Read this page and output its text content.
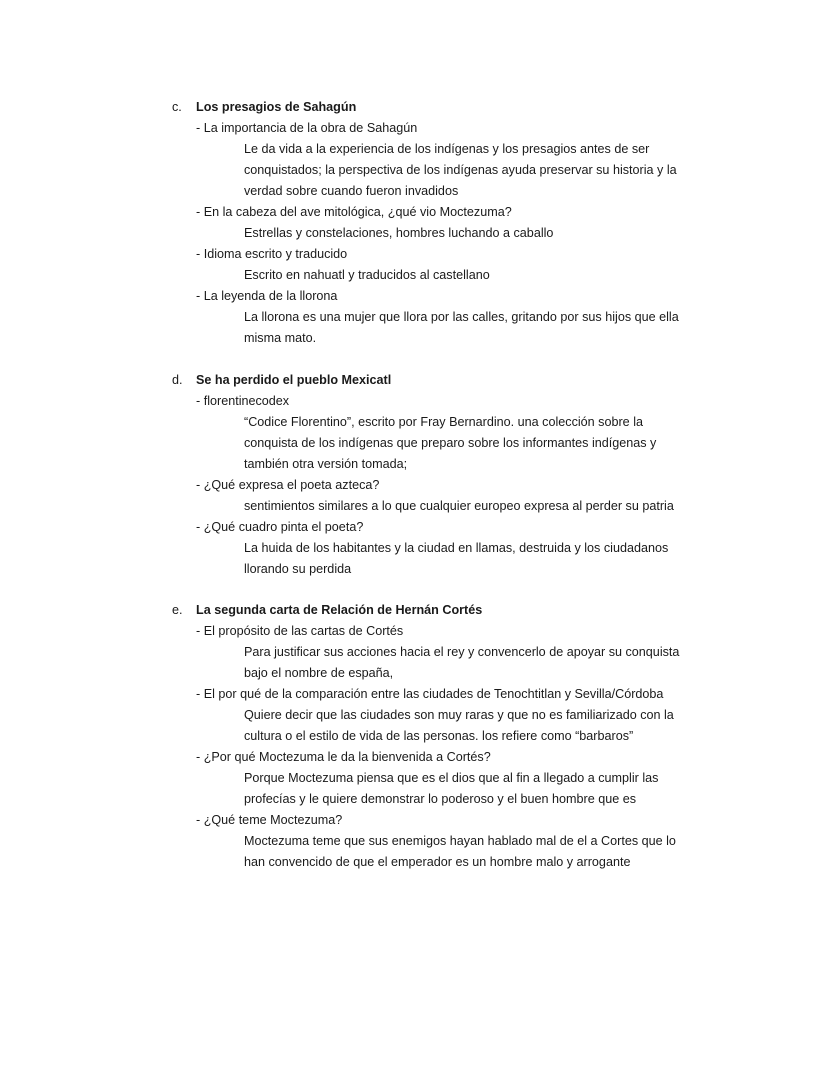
c. Los presagios de Sahagún
- La importancia de la obra de Sahagún
Le da vida a la experiencia de los indígenas y los presagios antes de ser
conquistados; la perspectiva de los indígenas ayuda preservar su historia y la
verdad sobre cuando fueron invadidos
- En la cabeza del ave mitológica, ¿qué vio Moctezuma?
Estrellas y constelaciones, hombres luchando a caballo
- Idioma escrito y traducido
Escrito en nahuatl y traducidos al castellano
- La leyenda de la llorona
La llorona es una mujer que llora por las calles, gritando por sus hijos que ella
misma mato.
d. Se ha perdido el pueblo Mexicatl
- florentinecodex
“Codice Florentino”, escrito por Fray Bernardino. una colección sobre la
conquista de los indígenas que preparo sobre los informantes indígenas y
también otra versión tomada;
- ¿Qué expresa el poeta azteca?
sentimientos similares a lo que cualquier europeo expresa al perder su patria
- ¿Qué cuadro pinta el poeta?
La huida de los habitantes y la ciudad en llamas, destruida y los ciudadanos
llorando su perdida
e. La segunda carta de Relación de Hernán Cortés
- El propósito de las cartas de Cortés
Para justificar sus acciones hacia el rey y convencerlo de apoyar su conquista
bajo el nombre de españa,
- El por qué de la comparación entre las ciudades de Tenochtitlan y Sevilla/Córdoba
Quiere decir que las ciudades son muy raras y que no es familiarizado con la
cultura o el estilo de vida de las personas. los refiere como “barbaros”
- ¿Por qué Moctezuma le da la bienvenida a Cortés?
Porque Moctezuma piensa que es el dios que al fin a llegado a cumplir las
profecías y le quiere demonstrar lo poderoso y el buen hombre que es
- ¿Qué teme Moctezuma?
Moctezuma teme que sus enemigos hayan hablado mal de el a Cortes que lo
han convencido de que el emperador es un hombre malo y arrogante
